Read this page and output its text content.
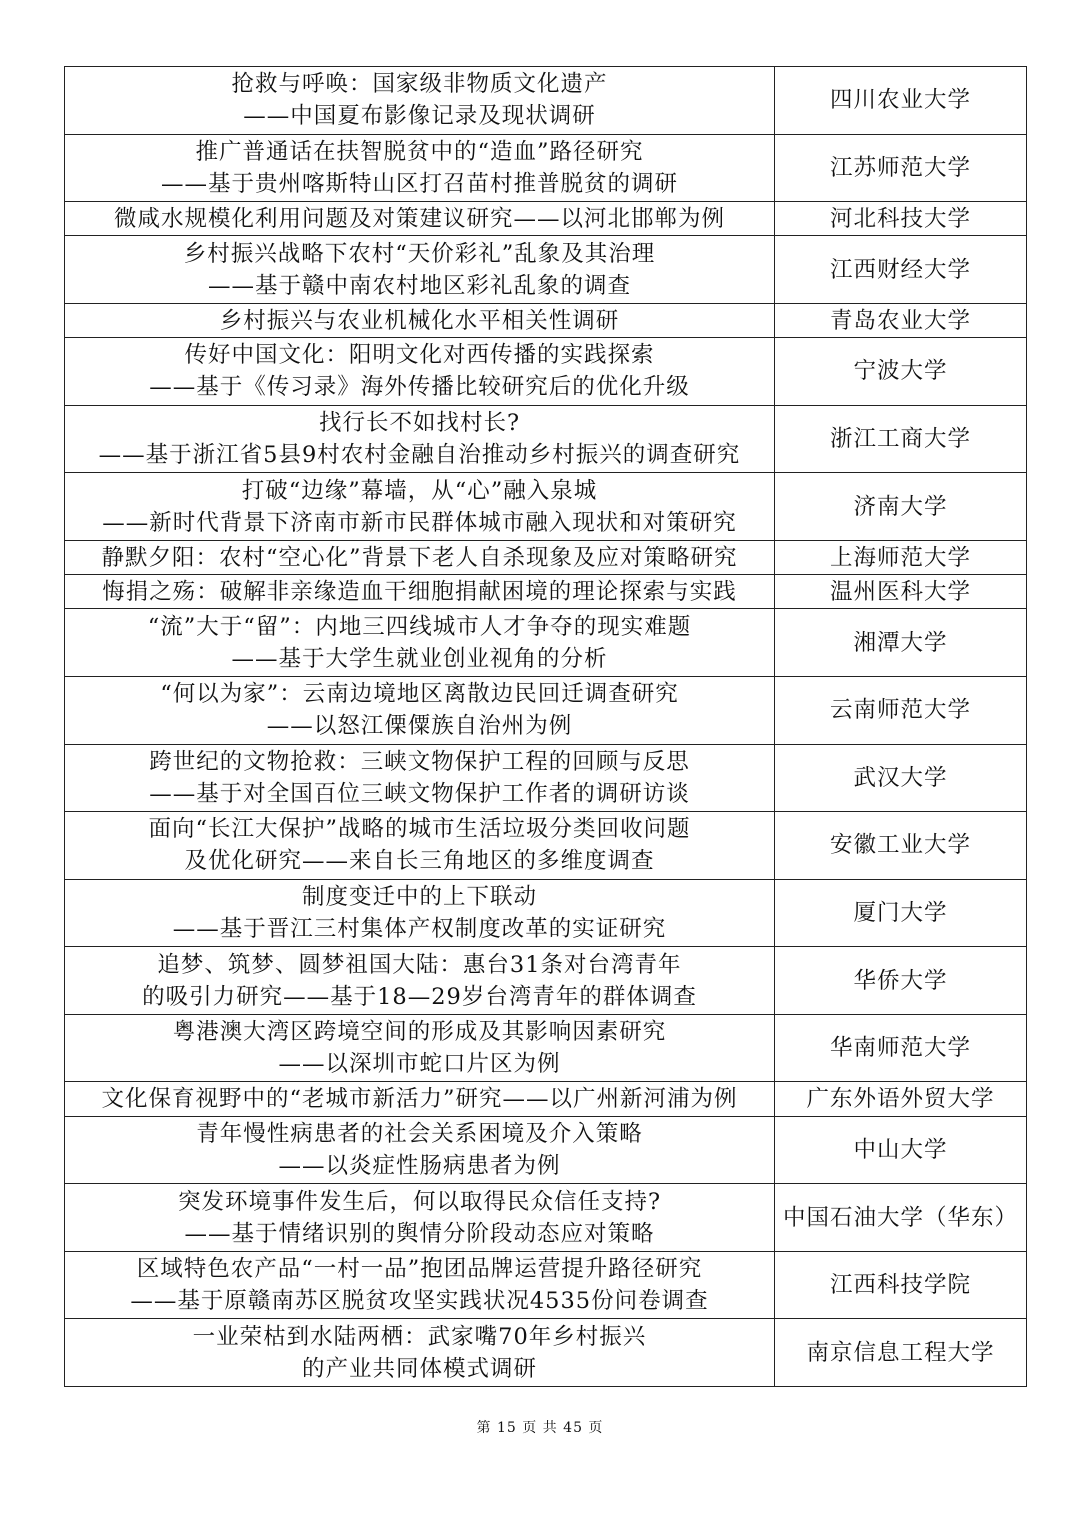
抢救与呼唤：国家级非物质文化遗产
——中国夏布影像记录及现状调研	四川农业大学

推广普通话在扶智脱贫中的“造血”路径研究
——基于贵州喀斯特山区打召苗村推普脱贫的调研	江苏师范大学

微咸水规模化利用问题及对策建议研究——以河北邯郸为例	河北科技大学

乡村振兴战略下农村“天价彩礼”乱象及其治理
——基于赣中南农村地区彩礼乱象的调查	江西财经大学

乡村振兴与农业机械化水平相关性调研	青岛农业大学

传好中国文化：阳明文化对西传播的实践探索
——基于《传习录》海外传播比较研究后的优化升级	宁波大学

找行长不如找村长?
——基于浙江省5县9村农村金融自治推动乡村振兴的调查研究	浙江工商大学

打破“边缘”幕墙，从“心”融入泉城
——新时代背景下济南市新市民群体城市融入现状和对策研究	济南大学

静默夕阳：农村“空心化”背景下老人自杀现象及应对策略研究	上海师范大学

悔捐之殇：破解非亲缘造血干细胞捐献困境的理论探索与实践	温州医科大学

“流”大于“留”：内地三四线城市人才争夺的现实难题
——基于大学生就业创业视角的分析	湘潭大学

“何以为家”：云南边境地区离散边民回迁调查研究
——以怒江傈僳族自治州为例	云南师范大学

跨世纪的文物抢救：三峡文物保护工程的回顾与反思
——基于对全国百位三峡文物保护工作者的调研访谈	武汉大学

面向“长江大保护”战略的城市生活垃圾分类回收问题
及优化研究——来自长三角地区的多维度调查	安徽工业大学

制度变迁中的上下联动
——基于晋江三村集体产权制度改革的实证研究	厦门大学

追梦、筑梦、圆梦祖国大陆：惠台31条对台湾青年
的吸引力研究——基于18—29岁台湾青年的群体调查	华侨大学

粤港澳大湾区跨境空间的形成及其影响因素研究
——以深圳市蛇口片区为例	华南师范大学

文化保育视野中的“老城市新活力”研究——以广州新河浦为例	广东外语外贸大学

青年慢性病患者的社会关系困境及介入策略
——以炎症性肠病患者为例	中山大学

突发环境事件发生后，何以取得民众信任支持?
——基于情绪识别的舆情分阶段动态应对策略	中国石油大学（华东）

区域特色农产品“一村一品”抱团品牌运营提升路径研究
——基于原赣南苏区脱贫攻坚实践状况4535份问卷调查	江西科技学院

一业荣枯到水陆两栖：武家嘴70年乡村振兴
的产业共同体模式调研	南京信息工程大学
第 15 页 共 45 页
